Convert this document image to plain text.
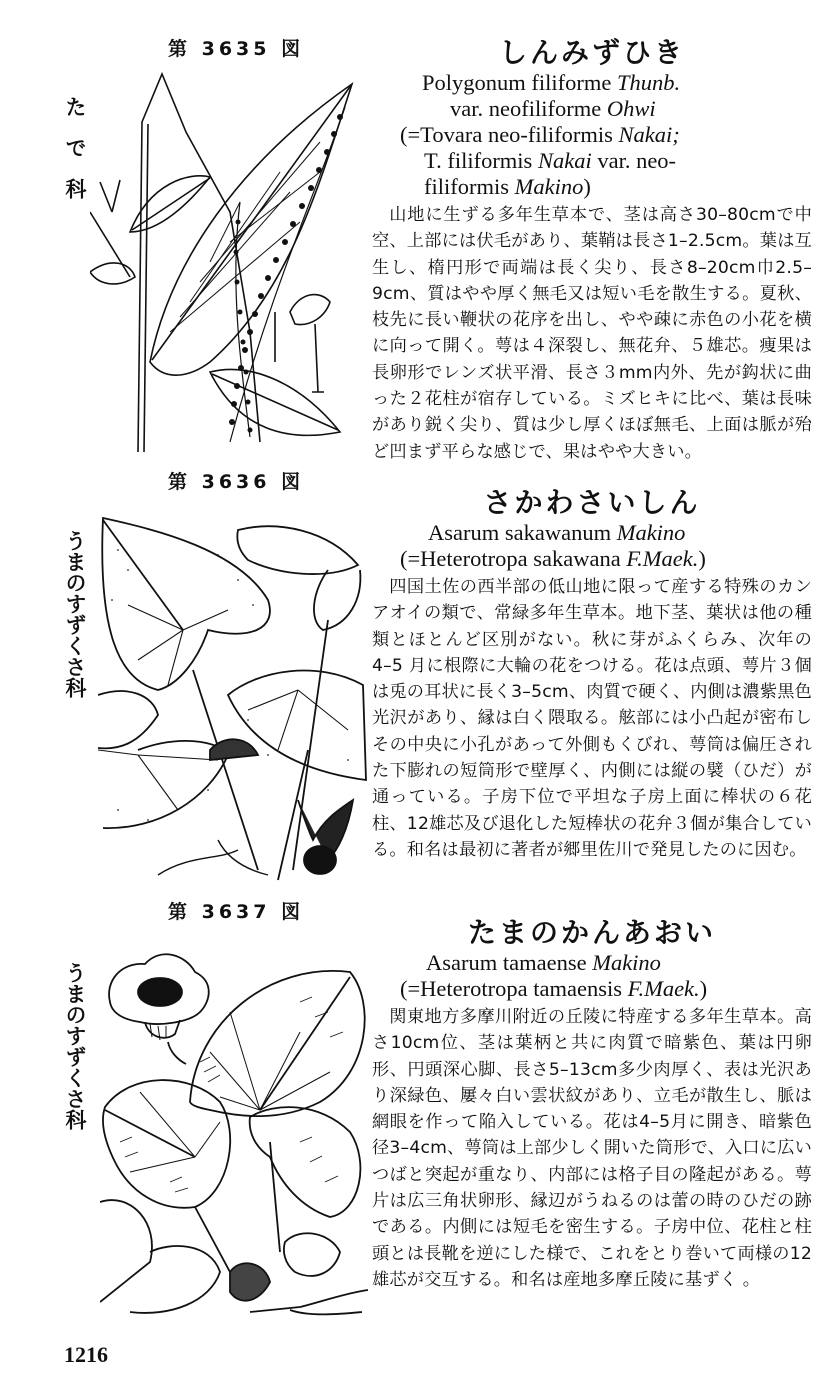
第 3635 図
たで科
しんみずひき
Polygonum filiforme Thunb.
var. neofiliforme Ohwi
(=Tovara neo-filiformis Nakai;
T. filiformis Nakai var. neo-
filiformis Makino)
山地に生ずる多年生草本で、茎は高さ30–80cmで中空、上部には伏毛があり、葉鞘は長さ1–2.5cm。葉は互生し、楕円形で両端は長く尖り、長さ8–20cm巾2.5–9cm、質はやや厚く無毛又は短い毛を散生する。夏秋、枝先に長い鞭状の花序を出し、やや疎に赤色の小花を横に向って開く。萼は４深裂し、無花弁、５雄芯。痩果は長卵形でレンズ状平滑、長さ３mm内外、先が鈎状に曲った２花柱が宿存している。ミズヒキに比べ、葉は長味があり鋭く尖り、質は少し厚くほぼ無毛、上面は脈が殆ど凹まず平らな感じで、果はやや大きい。
第 3636 図
うまのすずくさ科
さかわさいしん
Asarum sakawanum Makino
(=Heterotropa sakawana F.Maek.)
四国土佐の西半部の低山地に限って産する特殊のカンアオイの類で、常緑多年生草本。地下茎、葉状は他の種類とほとんど区別がない。秋に芽がふくらみ、次年の 4–5 月に根際に大輪の花をつける。花は点頭、萼片３個は兎の耳状に長く3–5cm、肉質で硬く、内側は濃紫黒色光沢があり、縁は白く隈取る。舷部には小凸起が密布しその中央に小孔があって外側もくびれ、萼筒は偏圧された下膨れの短筒形で壁厚く、内側には縦の襞（ひだ）が通っている。子房下位で平坦な子房上面に棒状の６花柱、12雄芯及び退化した短棒状の花弁３個が集合している。和名は最初に著者が郷里佐川で発見したのに因む。
第 3637 図
うまのすずくさ科
たまのかんあおい
Asarum tamaense Makino
(=Heterotropa tamaensis F.Maek.)
関東地方多摩川附近の丘陵に特産する多年生草本。高さ10cm位、茎は葉柄と共に肉質で暗紫色、葉は円卵形、円頭深心脚、長さ5–13cm多少肉厚く、表は光沢あり深緑色、屢々白い雲状紋があり、立毛が散生し、脈は網眼を作って陥入している。花は4–5月に開き、暗紫色径3–4cm、萼筒は上部少しく開いた筒形で、入口に広いつばと突起が重なり、内部には格子目の隆起がある。萼片は広三角状卵形、縁辺がうねるのは蕾の時のひだの跡である。内側には短毛を密生する。子房中位、花柱と柱頭とは長靴を逆にした様で、これをとり巻いて両様の12雄芯が交互する。和名は産地多摩丘陵に基ずく 。
1216
